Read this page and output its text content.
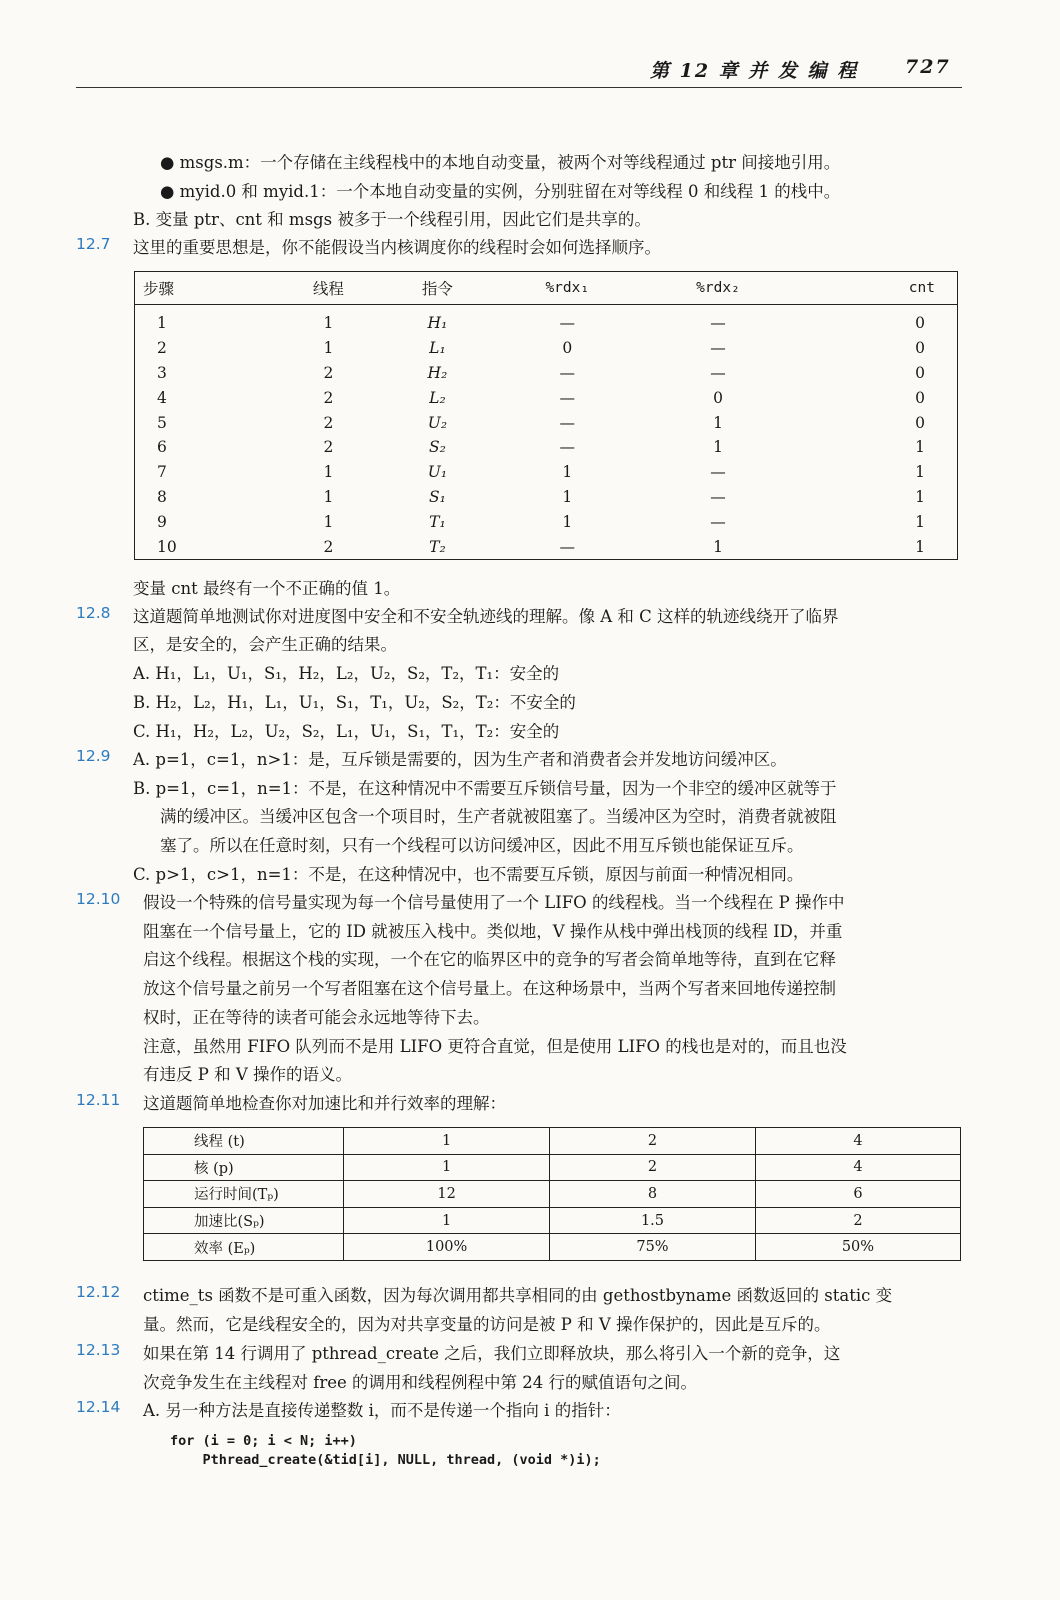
第 12 章 并 发 编 程 727
● msgs.m：一个存储在主线程栈中的本地自动变量，被两个对等线程通过 ptr 间接地引用。
● myid.0 和 myid.1：一个本地自动变量的实例，分别驻留在对等线程 0 和线程 1 的栈中。
B. 变量 ptr、cnt 和 msgs 被多于一个线程引用，因此它们是共享的。
12.7 这里的重要思想是，你不能假设当内核调度你的线程时会如何选择顺序。
步骤	线程	指令	%rdx₁	%rdx₂	cnt
1	1	H₁	—	—	0
2	1	L₁	0	—	0
3	2	H₂	—	—	0
4	2	L₂	—	0	0
5	2	U₂	—	1	0
6	2	S₂	—	1	1
7	1	U₁	1	—	1
8	1	S₁	1	—	1
9	1	T₁	1	—	1
10	2	T₂	—	1	1
变量 cnt 最终有一个不正确的值 1。
12.8 这道题简单地测试你对进度图中安全和不安全轨迹线的理解。像 A 和 C 这样的轨迹线绕开了临界
区，是安全的，会产生正确的结果。
A. H₁，L₁，U₁，S₁，H₂，L₂，U₂，S₂，T₂，T₁：安全的
B. H₂，L₂，H₁，L₁，U₁，S₁，T₁，U₂，S₂，T₂：不安全的
C. H₁，H₂，L₂，U₂，S₂，L₁，U₁，S₁，T₁，T₂：安全的
12.9 A. p=1，c=1，n>1：是，互斥锁是需要的，因为生产者和消费者会并发地访问缓冲区。
B. p=1，c=1，n=1：不是，在这种情况中不需要互斥锁信号量，因为一个非空的缓冲区就等于
满的缓冲区。当缓冲区包含一个项目时，生产者就被阻塞了。当缓冲区为空时，消费者就被阻
塞了。所以在任意时刻，只有一个线程可以访问缓冲区，因此不用互斥锁也能保证互斥。
C. p>1，c>1，n=1：不是，在这种情况中，也不需要互斥锁，原因与前面一种情况相同。
12.10 假设一个特殊的信号量实现为每一个信号量使用了一个 LIFO 的线程栈。当一个线程在 P 操作中
阻塞在一个信号量上，它的 ID 就被压入栈中。类似地，V 操作从栈中弹出栈顶的线程 ID，并重
启这个线程。根据这个栈的实现，一个在它的临界区中的竞争的写者会简单地等待，直到在它释
放这个信号量之前另一个写者阻塞在这个信号量上。在这种场景中，当两个写者来回地传递控制
权时，正在等待的读者可能会永远地等待下去。
注意，虽然用 FIFO 队列而不是用 LIFO 更符合直觉，但是使用 LIFO 的栈也是对的，而且也没
有违反 P 和 V 操作的语义。
12.11 这道题简单地检查你对加速比和并行效率的理解：
线程 (t)	1	2	4
核 (p)	1	2	4
运行时间(Tₚ)	12	8	6
加速比(Sₚ)	1	1.5	2
效率 (Eₚ)	100%	75%	50%
12.12 ctime_ts 函数不是可重入函数，因为每次调用都共享相同的由 gethostbyname 函数返回的 static 变
量。然而，它是线程安全的，因为对共享变量的访问是被 P 和 V 操作保护的，因此是互斥的。
12.13 如果在第 14 行调用了 pthread_create 之后，我们立即释放块，那么将引入一个新的竞争，这
次竞争发生在主线程对 free 的调用和线程例程中第 24 行的赋值语句之间。
12.14 A. 另一种方法是直接传递整数 i，而不是传递一个指向 i 的指针：
for (i = 0; i < N; i++)
Pthread_create(&tid[i], NULL, thread, (void *)i);
